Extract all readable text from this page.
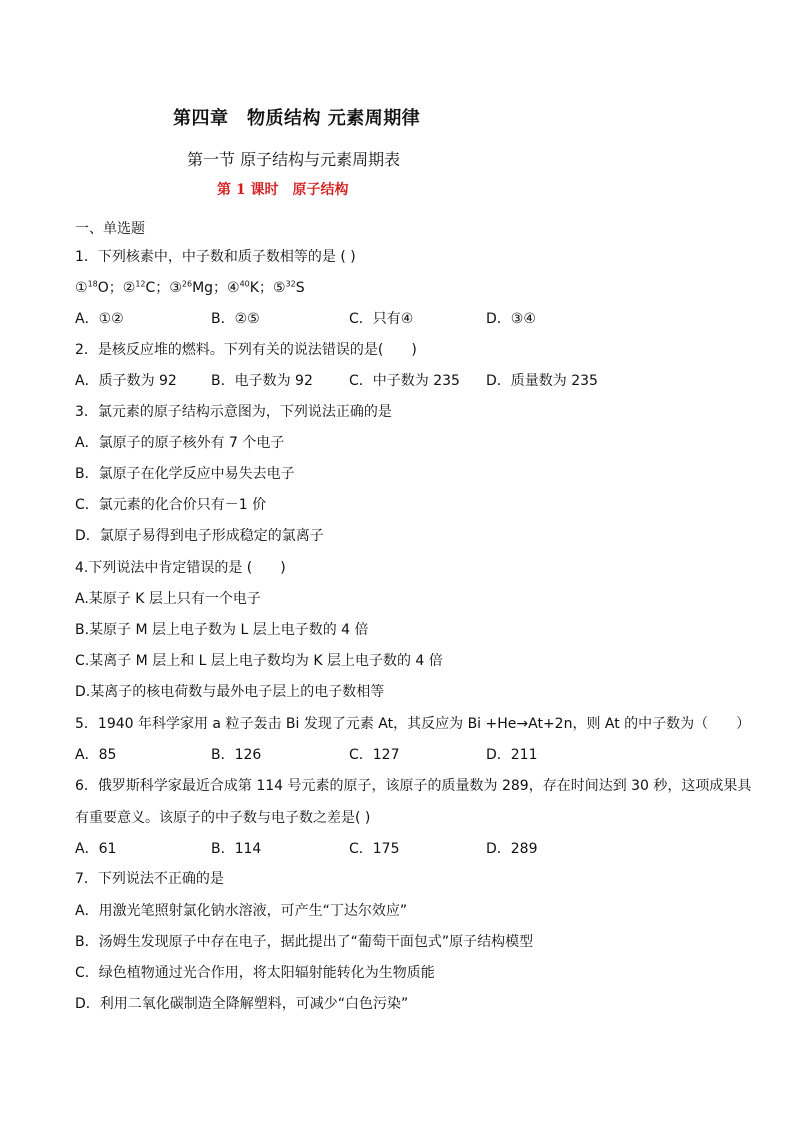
第四章　物质结构 元素周期律
第一节 原子结构与元素周期表
第 1 课时　原子结构
一、单选题
1．下列核素中，中子数和质子数相等的是 ( )
①$^{18}$O；②$^{12}$C；③$^{26}$Mg；④$^{40}$K；⑤$^{32}$S
A．①②	B．②⑤	C．只有④	D．③④
2．是核反应堆的燃料。下列有关的说法错误的是(　　)
A．质子数为 92 B．电子数为 92	C．中子数为 235 D．质量数为 235
3．氯元素的原子结构示意图为，下列说法正确的是
A．氯原子的原子核外有 7 个电子
B．氯原子在化学反应中易失去电子
C．氯元素的化合价只有－1 价
D．氯原子易得到电子形成稳定的氯离子
4.下列说法中肯定错误的是 (　　)
A.某原子 K 层上只有一个电子
B.某原子 M 层上电子数为 L 层上电子数的 4 倍
C.某离子 M 层上和 L 层上电子数均为 K 层上电子数的 4 倍
D.某离子的核电荷数与最外电子层上的电子数相等
5．1940 年科学家用 a 粒子轰击 Bi 发现了元素 At，其反应为 Bi +He→At+2n，则 At 的中子数为（　　）
A．85	B．126	C．127	D．211
6．俄罗斯科学家最近合成第 114 号元素的原子，该原子的质量数为 289，存在时间达到 30 秒，这项成果具
有重要意义。该原子的中子数与电子数之差是( )
A．61	B．114	C．175	D．289
7．下列说法不正确的是
A．用激光笔照射氯化钠水溶液，可产生“丁达尔效应”
B．汤姆生发现原子中存在电子，据此提出了“葡萄干面包式”原子结构模型
C．绿色植物通过光合作用，将太阳辐射能转化为生物质能
D．利用二氧化碳制造全降解塑料，可减少“白色污染”
